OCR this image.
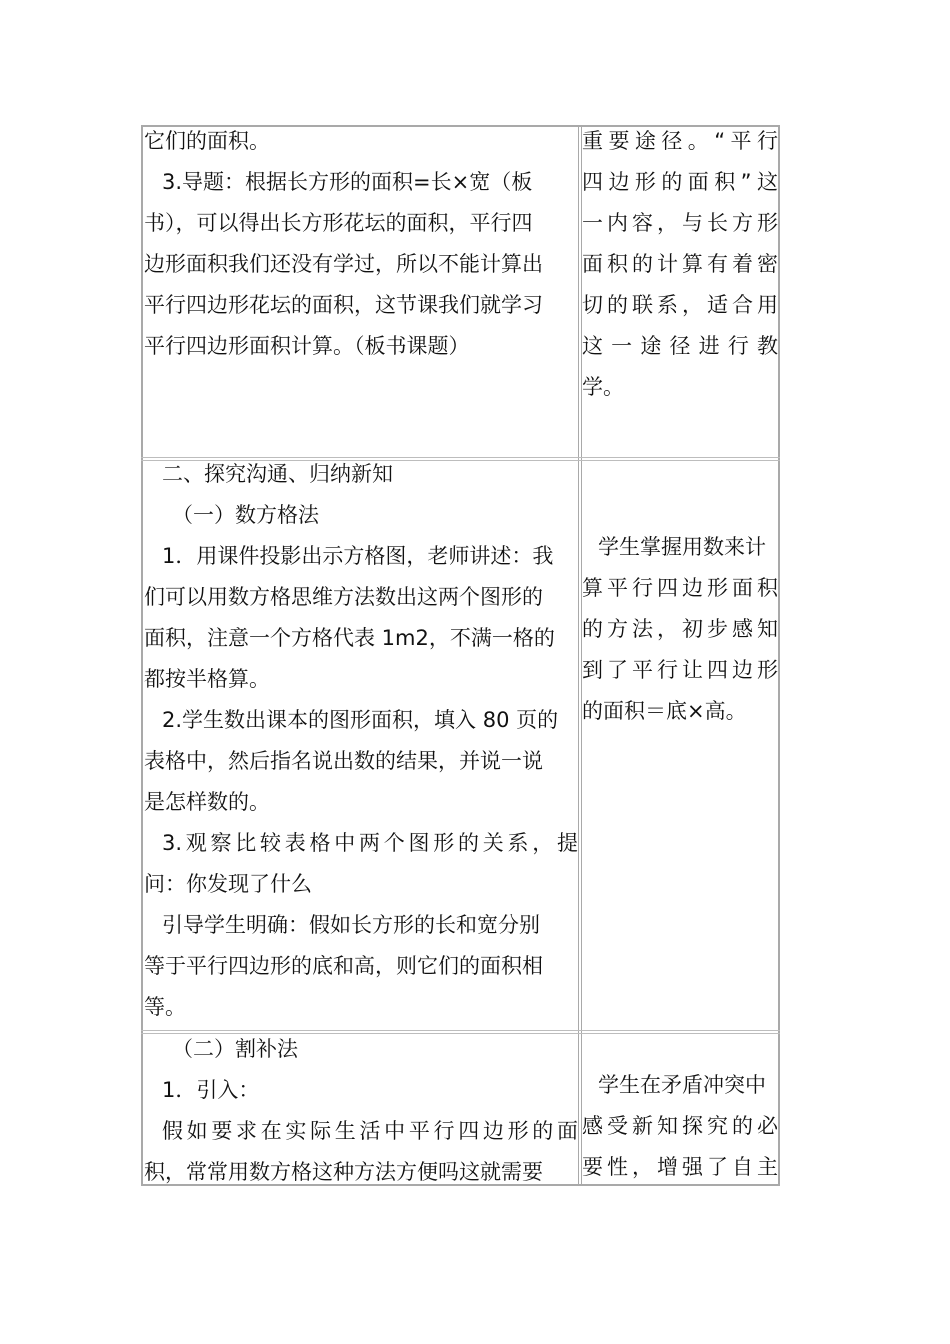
它们的面积。
3.导题：根据长方形的面积=长×宽（板
书），可以得出长方形花坛的面积，平行四
边形面积我们还没有学过，所以不能计算出
平行四边形花坛的面积，这节课我们就学习
平行四边形面积计算。（板书课题）
重要途径。“平行
四边形的面积”这
一内容，与长方形
面积的计算有着密
切的联系，适合用
这一途径进行教
学。
二、探究沟通、归纳新知
（一）数方格法
1．用课件投影出示方格图，老师讲述：我
们可以用数方格思维方法数出这两个图形的
面积，注意一个方格代表 1m2，不满一格的
都按半格算。
2.学生数出课本的图形面积，填入 80 页的
表格中，然后指名说出数的结果，并说一说
是怎样数的。
3.观察比较表格中两个图形的关系，提
问：你发现了什么
引导学生明确：假如长方形的长和宽分别
等于平行四边形的底和高，则它们的面积相
等。
学生掌握用数来计
算平行四边形面积
的方法，初步感知
到了平行让四边形
的面积＝底×高。
（二）割补法
1．引入：
假如要求在实际生活中平行四边形的面
积，常常用数方格这种方法方便吗这就需要
学生在矛盾冲突中
感受新知探究的必
要性，增强了自主
